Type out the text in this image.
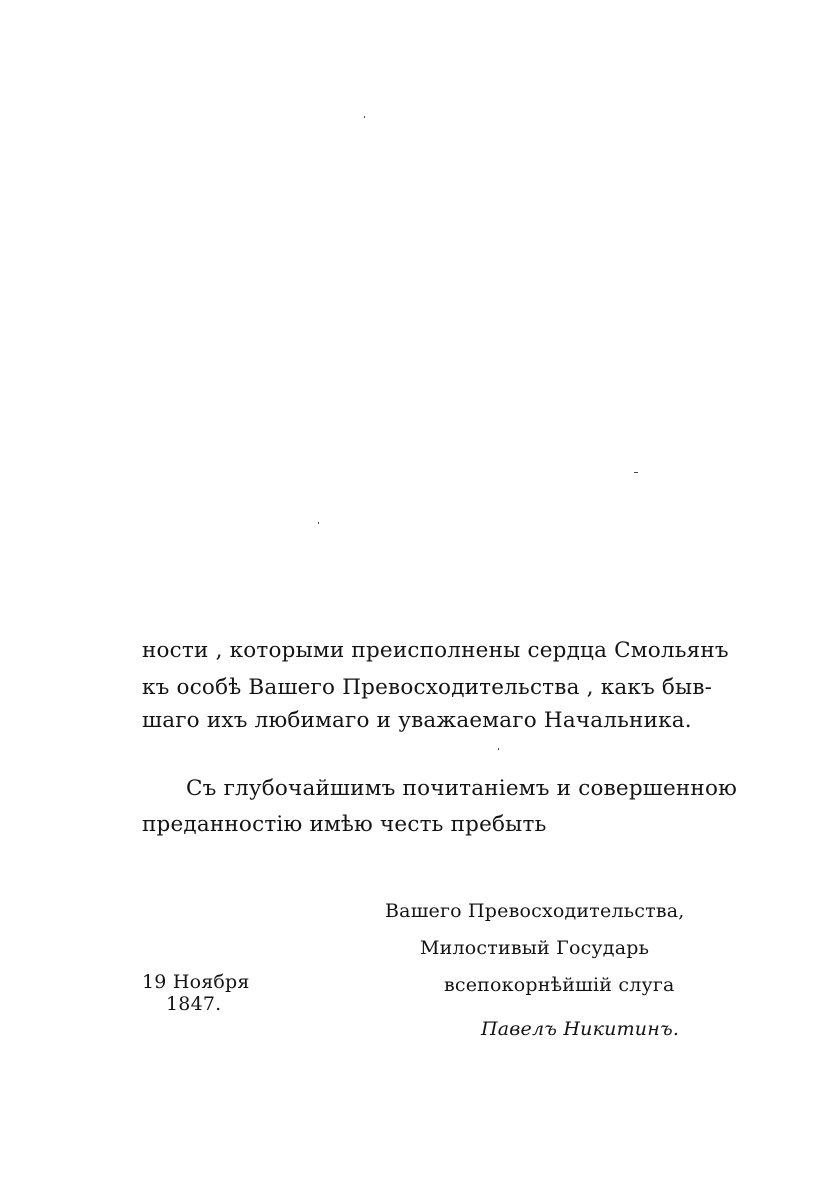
ности , которыми преисполнены сердца Смольянъ
къ особѣ Вашего Превосходительства , какъ быв-
шаго ихъ любимаго и уважаемаго Начальника.
Съ глубочайшимъ почитаніемъ и совершенною
преданностію имѣю честь пребыть
Вашего Превосходительства,
Милостивый Государь
всепокорнѣйшій слуга
Павелъ Никитинъ.
19 Ноября
1847.
